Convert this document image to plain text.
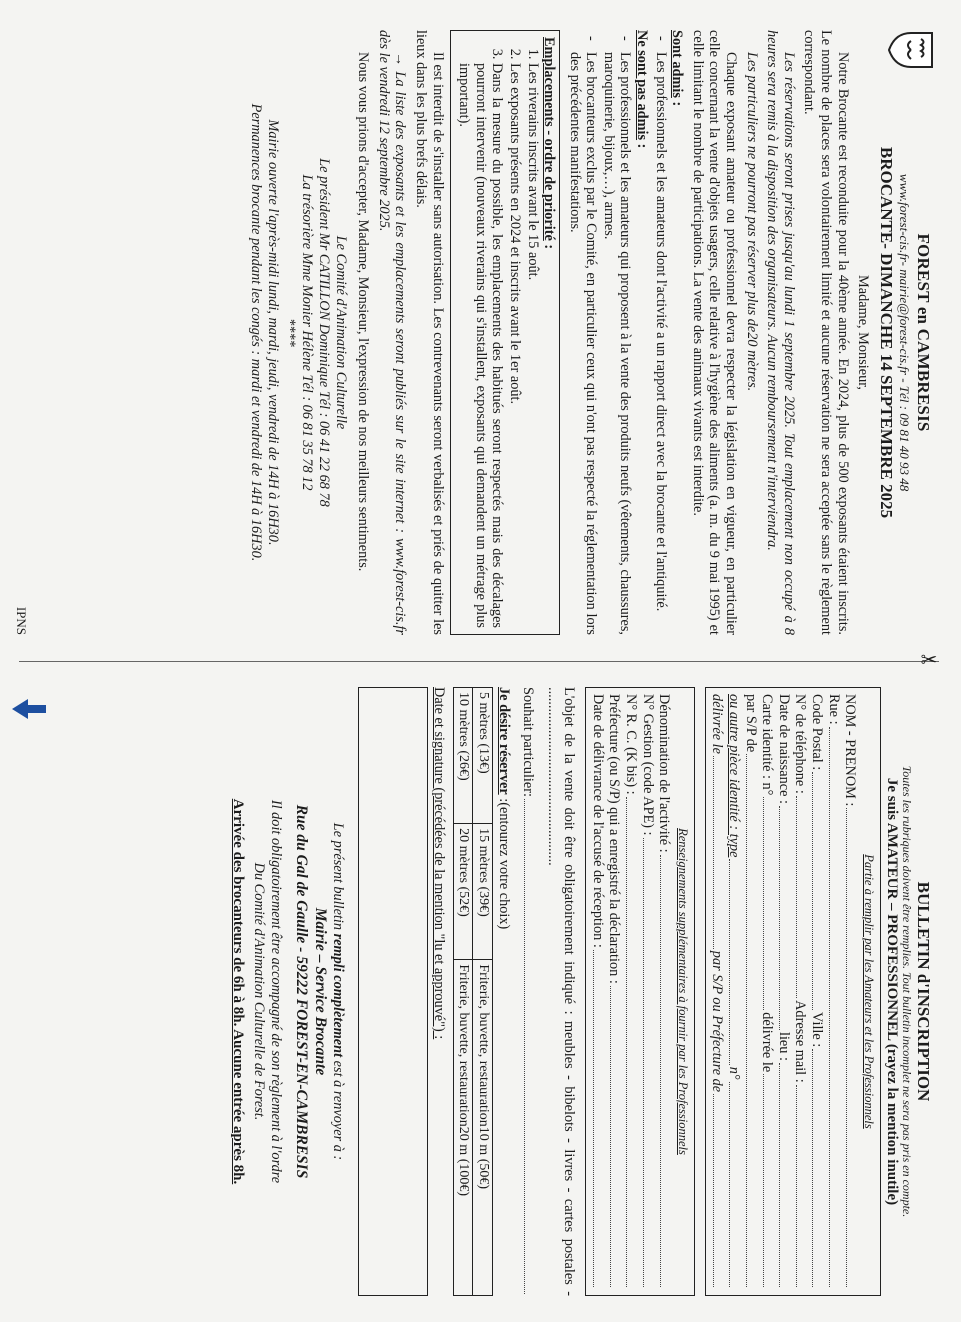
FOREST en CAMBRESIS
www.forest-cis.fr- mairie@forest-cis.fr - Tél : 09 81 40 93 48
BROCANTE- DIMANCHE 14 SEPTEMBRE 2025
Madame, Monsieur,

Notre Brocante est reconduite pour la 40ème année. En 2024, plus de 500 exposants étaient inscrits. Le nombre de places sera volontairement limité et aucune réservation ne sera acceptée sans le règlement correspondant.

Les réservations seront prises jusqu'au lundi 1 septembre 2025. Tout emplacement non occupé à 8 heures sera remis à la disposition des organisateurs. Aucun remboursement n'interviendra.

Les particuliers ne pourront pas réserver plus de20 mètres.

Chaque exposant amateur ou professionnel devra respecter la législation en vigueur, en particulier celle concernant la vente d'objets usagers, celle relative à l'hygiène des aliments (a. m. du 9 mai 1995) et celle limitant le nombre de participations. La vente des animaux vivants est interdite.

Sont admis :
- Les professionnels et les amateurs dont l'activité a un rapport direct avec la brocante et l'antiquité.
Ne sont pas admis :
- Les professionnels et les amateurs qui proposent à la vente des produits neufs (vêtements, chaussures, maroquinerie, bijoux,…), armes.
- Les brocanteurs exclus par le Comité, en particulier ceux qui n'ont pas respecté la réglementation lors des précédentes manifestations.
Emplacements - ordre de priorité :
1. Les riverains inscrits avant le 15 août.
2. Les exposants présents en 2024 et inscrits avant le 1er août.
3. Dans la mesure du possible, les emplacements des habitués seront respectés mais des décalages pourront intervenir (nouveaux riverains qui s'installent, exposants qui demandent un métrage plus important).

Il est interdit de s'installer sans autorisation. Les contrevenants seront verbalisés et priés de quitter les lieux dans les plus brefs délais.

→ La liste des exposants et les emplacements seront publiés sur le site internet : www.forest-cis.fr dès le vendredi 12 septembre 2025.

Nous vous prions d'accepter, Madame, Monsieur, l'expression de nos meilleurs sentiments.

Le Comité d'Animation Culturelle
Le président Mr CATILLON Dominique Tél : 06 41 22 68 78
La trésorière Mme Monier Hélène Tél : 06 81 35 78 12
****
Mairie ouverte l'après-midi lundi, mardi, jeudi, vendredi de 14H à 16H30.
Permanences brocante pendant les congés : mardi et vendredi de 14H à 16H30.
IPNS
✂
BULLETIN d'INSCRIPTION
Toutes les rubriques doivent être remplies. Tout bulletin incomplet ne sera pas pris en compte.
Je suis AMATEUR – PROFESSIONNEL (rayez la mention inutile)
Partie à remplir par les Amateurs et les Professionnels
NOM - PRENOM :
Rue :
Code Postal :
Ville :
N° de téléphone :
Adresse mail :
Date de naissance :
lieu :
Carte identité : n°
délivrée le
par S/P de
ou autre pièce identité : type
n°
délivrée le
par S/P ou Préfecture de
Renseignements supplémentaires à fournir par les Professionnels
Dénomination de l'activité :
N° Gestion (code APE) :
N° R. C. (K bis) :
Préfecture (ou S/P) qui a enregistré la déclaration :
Date de délivrance de l'accusé de réception :

L'objet de la vente doit être obligatoirement indiqué : meubles - bibelots - livres - cartes postales - ..................................................

Souhait particulier:
Je désire réserver :(entourez votre choix)
5 mètres (13€)	15 mètres (39€)	Friterie, buvette, restauration10 m (50€)
10 mètres (26€)	20 mètres (52€)	Friterie, buvette, restauration20 m (100€)
Date et signature (précédées de la mention "lu et approuvé") :
Le présent bulletin rempli complètement est à renvoyer à :
Mairie – Service Brocante
Rue du Gal de Gaulle - 59222 FOREST-EN-CAMBRESIS
Il doit obligatoirement être accompagné de son règlement à l'ordre
Du Comité d'Animation Culturelle de Forest.
Arrivée des brocanteurs de 6h à 8h. Aucune entrée après 8h.
